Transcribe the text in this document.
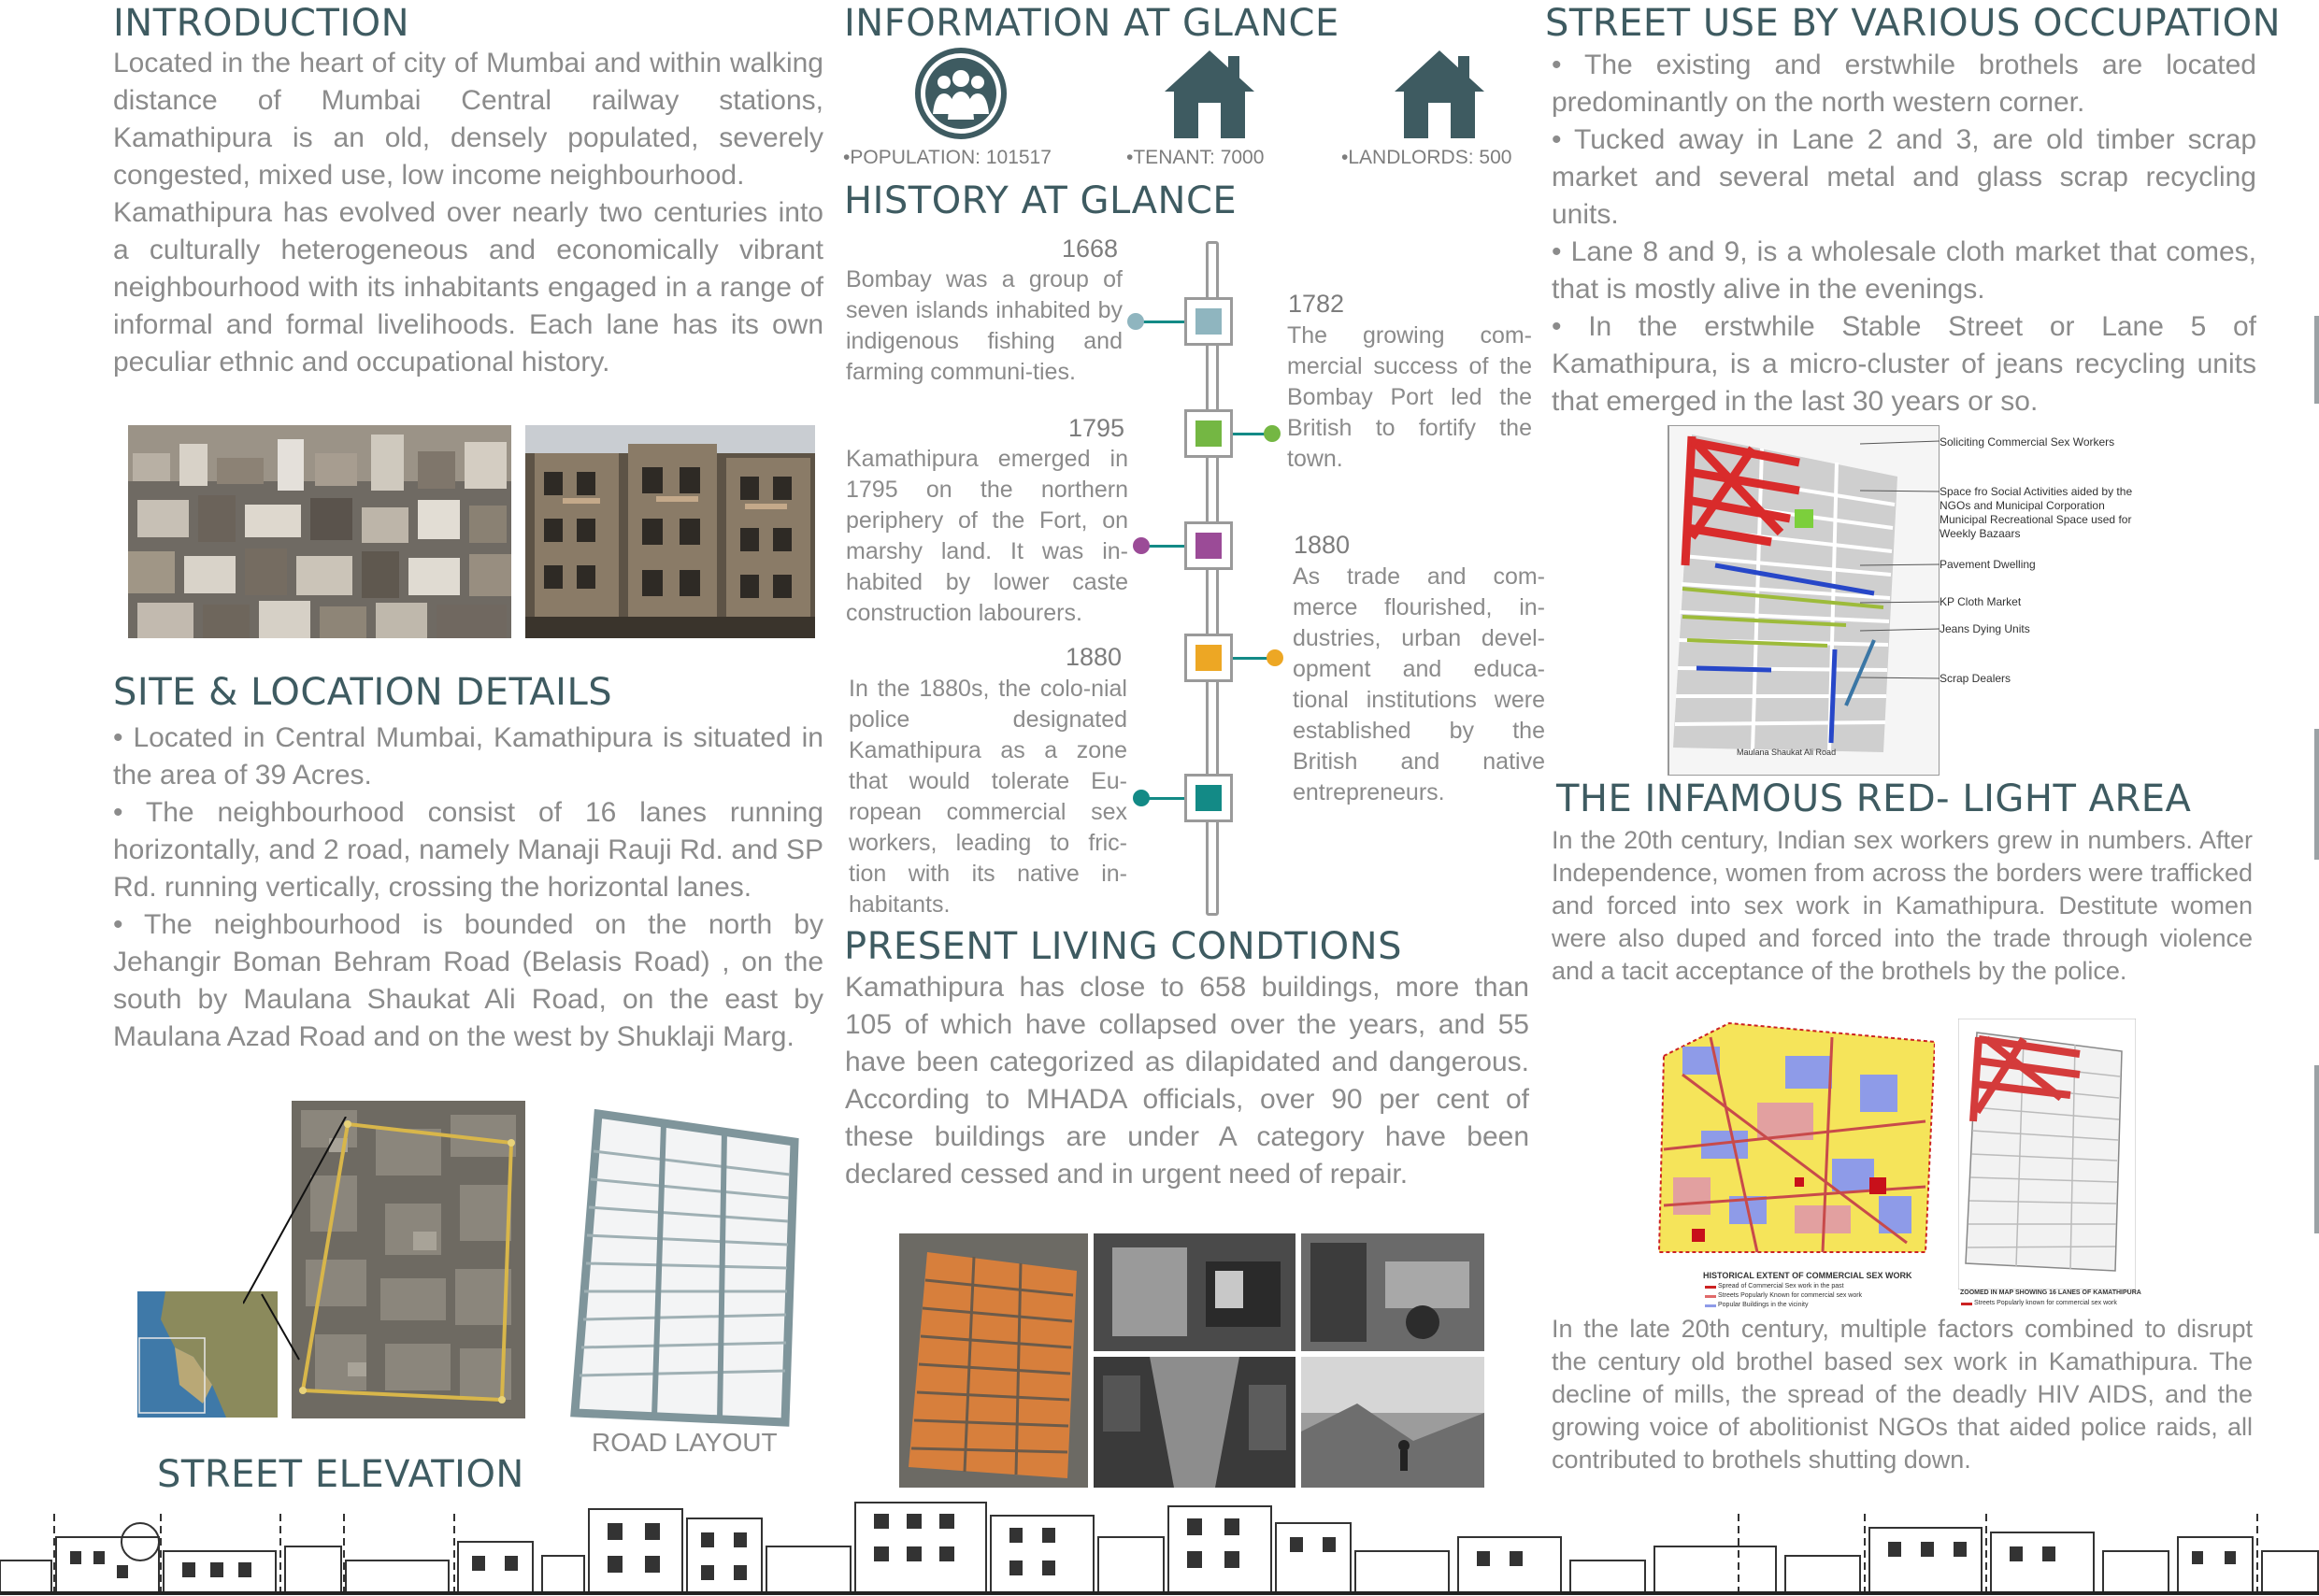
INTRODUCTION

Located in the heart of city of Mumbai and within walking distance of Mumbai Central railway stations, Kamathipura is an old, densely populated, severely congested, mixed use, low income neighbourhood.

Kamathipura has evolved over nearly two centuries into a culturally heterogeneous and economically vibrant neighbourhood with its inhabitants engaged in a range of informal and formal livelihoods. Each lane has its own peculiar ethnic and occupational history.

SITE & LOCATION DETAILS

• Located in Central Mumbai, Kamathipura is situated in the area of 39 Acres.

• The neighbourhood consist of 16 lanes running horizontally, and 2 road, namely Manaji Rauji Rd. and SP Rd. running vertically, crossing the horizontal lanes.

• The neighbourhood is bounded on the north by Jehangir Boman Behram Road (Belasis Road) , on the south by Maulana Shaukat Ali Road, on the east by Maulana Azad Road and on the west by Shuklaji Marg.

ROAD LAYOUT
STREET ELEVATION
INFORMATION AT GLANCE
• POPULATION: 101517	• TENANT: 7000	• LANDLORDS: 500
HISTORY AT GLANCE
1668
Bombay was a group of seven islands inhabited by indigenous fishing and farming communi-ties.
1782
The growing com-mercial success of the Bombay Port led the British to fortify the town.
1795
Kamathipura emerged in 1795 on the northern periphery of the Fort, on marshy land. It was in-habited by lower caste construction labourers.
1880
As trade and com-merce flourished, in-dustries, urban devel-opment and educa-tional institutions were established by the British and native entrepreneurs.
1880
In the 1880s, the colo-nial police designated Kamathipura as a zone that would tolerate Eu-ropean commercial sex workers, leading to fric-tion with its native in-habitants.
PRESENT LIVING CONDTIONS
Kamathipura has close to 658 buildings, more than 105 of which have collapsed over the years, and 55 have been categorized as dilapidated and dangerous. According to MHADA officials, over 90 per cent of these buildings are under A category have been declared cessed and in urgent need of repair.
STREET USE BY VARIOUS OCCUPATION

• The existing and erstwhile brothels are located predominantly on the north western corner.

• Tucked away in Lane 2 and 3, are old timber scrap market and several metal and glass scrap recycling units.

• Lane 8 and 9, is a wholesale cloth market that comes, that is mostly alive in the evenings.

• In the erstwhile Stable Street or Lane 5 of Kamathipura, is a micro-cluster of jeans recycling units that emerged in the last 30 years or so.

Soliciting Commercial Sex Workers
Space fro Social Activities aided by the NGOs and Municipal Corporation
Municipal Recreational Space used for Weekly Bazaars
Pavement Dwelling
KP Cloth Market
Jeans Dying Units
Scrap Dealers
Maulana Shaukat Ali Road
THE INFAMOUS RED- LIGHT AREA
In the 20th century, Indian sex workers grew in numbers. After Independence, women from across the borders were trafficked and forced into sex work in Kamathipura. Destitute women were also duped and forced into the trade through violence and a tacit acceptance of the brothels by the police.
HISTORICAL EXTENT OF COMMERCIAL SEX WORK
Spread of Commercial Sex work in the past
Streets Popularly Known for commercial sex work
Popular Buildings in the vicinity
ZOOMED IN MAP SHOWING 16 LANES OF KAMATHIPURA
Streets Popularly known for commercial sex work
In the late 20th century, multiple factors combined to disrupt the century old brothel based sex work in Kamathipura. The decline of mills, the spread of the deadly HIV AIDS, and the growing voice of abolitionist NGOs that aided police raids, all contributed to brothels shutting down.
